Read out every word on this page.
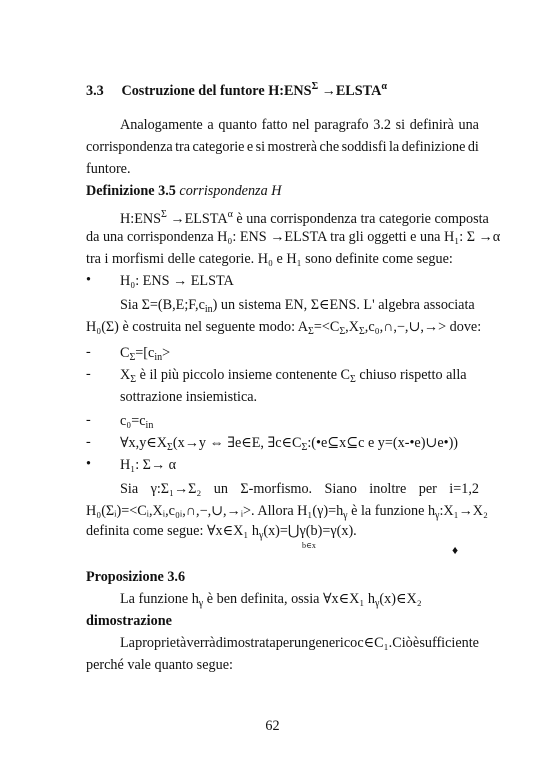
3.3 Costruzione del funtore $H:ENS^\Sigma$ $\to ELSTA^\alpha$
Analogamente a quanto fatto nel paragrafo 3.2 si definirà una
corrispondenza tra categorie e si mostrerà che soddisfi la definizione di
funtore.
Definizione 3.5 corrispondenza H
$H:ENS^\Sigma$ $\to ELSTA^\alpha$ è una corrispondenza tra categorie composta
da una corrispondenza H₀: ENS →ELSTA tra gli oggetti e una H₁: Σ →α
tra i morfismi delle categorie. H₀ e H₁ sono definite come segue:
• H₀: ENS → ELSTA
Sia $\Sigma=(B,E;F,c_{in})$ un sistema EN, Σ∈ENS. L' algebra associata
H₀(Σ) è costruita nel seguente modo: $A_\Sigma=<C_\Sigma,X_\Sigma,c_0,\cap,-,\cup,\to>$ dove:
- $C_\Sigma=[c_{in}>$
- $X_\Sigma$ è il più piccolo insieme contenente $C_\Sigma$ chiuso rispetto alla
sottrazione insiemistica.
- $c_0=c_{in}$
- $\forall x,y\in X_\Sigma(x\to y$ ⇔ ∃e∈E, $\exists c\in C_\Sigma:(•e⊆x⊆c$ e y=(x-•e)∪e•))
• H₁: Σ→ α
Sia γ:Σ₁→Σ₂ un Σ-morfismo. Siano inoltre per i=1,2
H₀(Σᵢ)=<Cᵢ,Xᵢ,c₀ᵢ,∩,−,∪,→ᵢ>. Allora $H_1(\gamma)=h_\gamma$ è la funzione $h_\gamma:X_1\to X_2$
definita come segue: ∀x∈X₁ $h_\gamma(x)=⋃\gamma(b)=\gamma(x)$.
b∈x	♦
Proposizione 3.6
La funzione $h_\gamma$ è ben definita, ossia ∀x∈X₁ $h_\gamma(x)\in X_2$
dimostrazione
La proprietà verrà dimostrata per un generico c∈C₁. Ciò è sufficiente
perché vale quanto segue:
62
